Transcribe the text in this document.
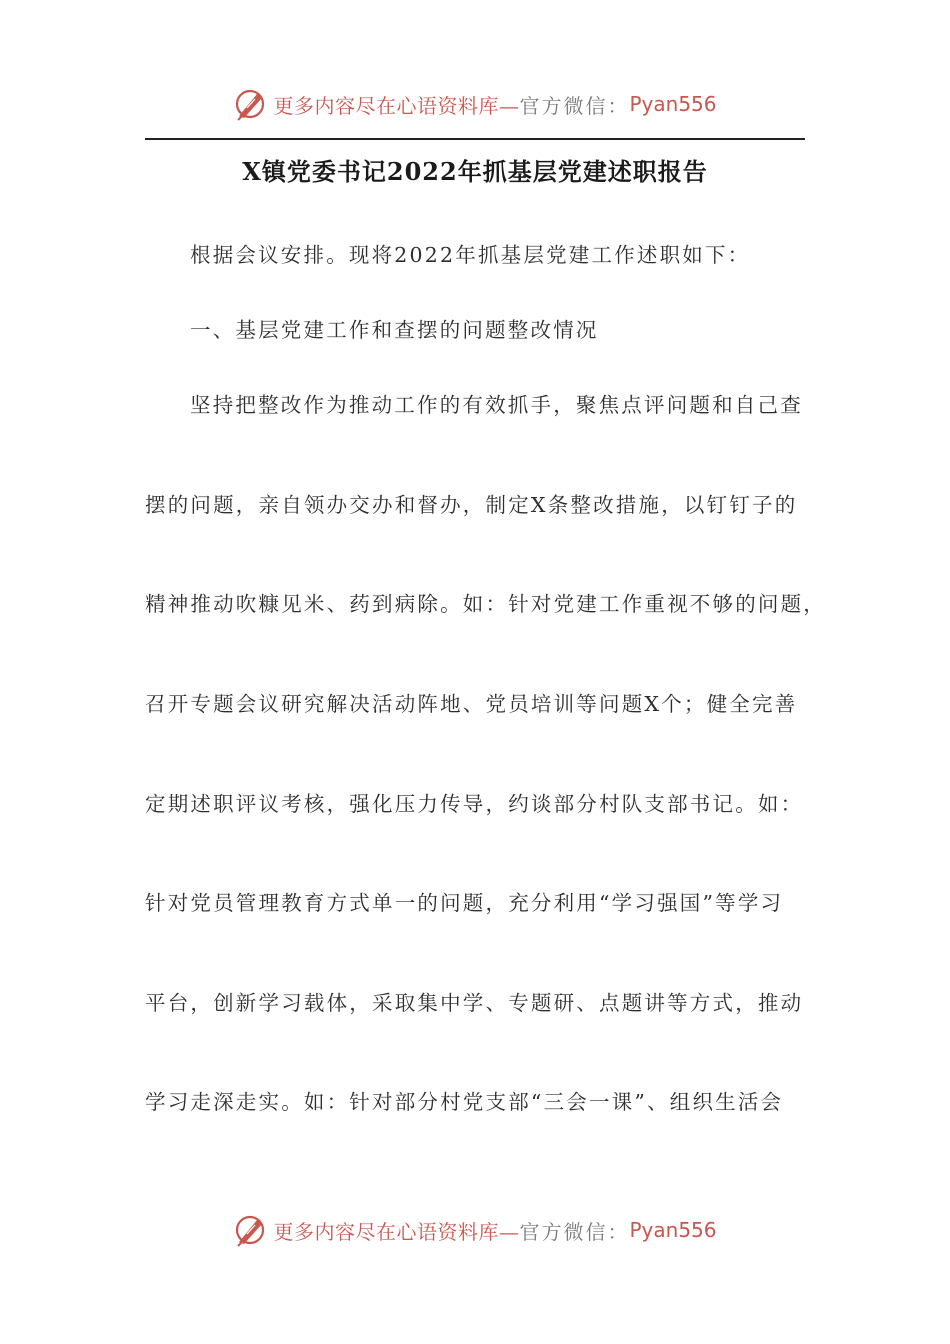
更多内容尽在心语资料库— 官方微信： Pyan556
X镇党委书记2022年抓基层党建述职报告
根据会议安排。现将2022年抓基层党建工作述职如下：
一、基层党建工作和查摆的问题整改情况
坚持把整改作为推动工作的有效抓手，聚焦点评问题和自己查
摆的问题，亲自领办交办和督办，制定X条整改措施，以钉钉子的
精神推动吹糠见米、药到病除。如：针对党建工作重视不够的问题，
召开专题会议研究解决活动阵地、党员培训等问题X个；健全完善
定期述职评议考核，强化压力传导，约谈部分村队支部书记。如：
针对党员管理教育方式单一的问题，充分利用“学习强国”等学习
平台，创新学习载体，采取集中学、专题研、点题讲等方式，推动
学习走深走实。如：针对部分村党支部“三会一课”、组织生活会
更多内容尽在心语资料库— 官方微信： Pyan556
